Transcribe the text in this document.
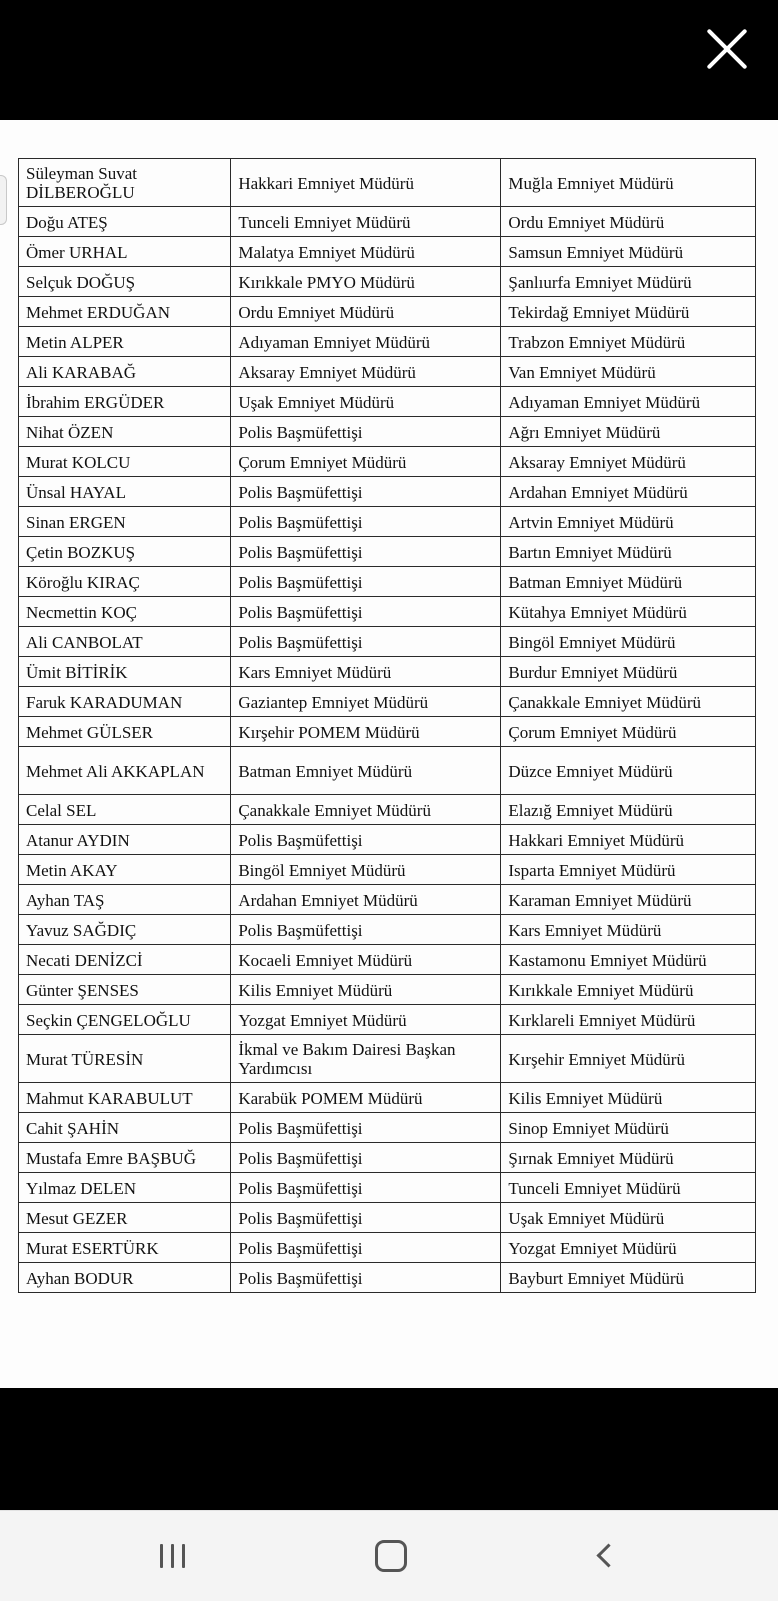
Süleyman Suvat DİLBEROĞLU	Hakkari Emniyet Müdürü	Muğla Emniyet Müdürü
Doğu ATEŞ	Tunceli Emniyet Müdürü	Ordu Emniyet Müdürü
Ömer URHAL	Malatya Emniyet Müdürü	Samsun Emniyet Müdürü
Selçuk DOĞUŞ	Kırıkkale PMYO Müdürü	Şanlıurfa Emniyet Müdürü
Mehmet ERDUĞAN	Ordu Emniyet Müdürü	Tekirdağ Emniyet Müdürü
Metin ALPER	Adıyaman Emniyet Müdürü	Trabzon Emniyet Müdürü
Ali KARABAĞ	Aksaray Emniyet Müdürü	Van Emniyet Müdürü
İbrahim ERGÜDER	Uşak Emniyet Müdürü	Adıyaman Emniyet Müdürü
Nihat ÖZEN	Polis Başmüfettişi	Ağrı Emniyet Müdürü
Murat KOLCU	Çorum Emniyet Müdürü	Aksaray Emniyet Müdürü
Ünsal HAYAL	Polis Başmüfettişi	Ardahan Emniyet Müdürü
Sinan ERGEN	Polis Başmüfettişi	Artvin Emniyet Müdürü
Çetin BOZKUŞ	Polis Başmüfettişi	Bartın Emniyet Müdürü
Köroğlu KIRAÇ	Polis Başmüfettişi	Batman Emniyet Müdürü
Necmettin KOÇ	Polis Başmüfettişi	Kütahya Emniyet Müdürü
Ali CANBOLAT	Polis Başmüfettişi	Bingöl Emniyet Müdürü
Ümit BİTİRİK	Kars Emniyet Müdürü	Burdur Emniyet Müdürü
Faruk KARADUMAN	Gaziantep Emniyet Müdürü	Çanakkale Emniyet Müdürü
Mehmet GÜLSER	Kırşehir POMEM Müdürü	Çorum Emniyet Müdürü
Mehmet Ali AKKAPLAN	Batman Emniyet Müdürü	Düzce Emniyet Müdürü
Celal SEL	Çanakkale Emniyet Müdürü	Elazığ Emniyet Müdürü
Atanur AYDIN	Polis Başmüfettişi	Hakkari Emniyet Müdürü
Metin AKAY	Bingöl Emniyet Müdürü	Isparta Emniyet Müdürü
Ayhan TAŞ	Ardahan Emniyet Müdürü	Karaman Emniyet Müdürü
Yavuz SAĞDIÇ	Polis Başmüfettişi	Kars Emniyet Müdürü
Necati DENİZCİ	Kocaeli Emniyet Müdürü	Kastamonu Emniyet Müdürü
Günter ŞENSES	Kilis Emniyet Müdürü	Kırıkkale Emniyet Müdürü
Seçkin ÇENGELOĞLU	Yozgat Emniyet Müdürü	Kırklareli Emniyet Müdürü
Murat TÜRESİN	İkmal ve Bakım Dairesi Başkan Yardımcısı	Kırşehir Emniyet Müdürü
Mahmut KARABULUT	Karabük POMEM Müdürü	Kilis Emniyet Müdürü
Cahit ŞAHİN	Polis Başmüfettişi	Sinop Emniyet Müdürü
Mustafa Emre BAŞBUĞ	Polis Başmüfettişi	Şırnak Emniyet Müdürü
Yılmaz DELEN	Polis Başmüfettişi	Tunceli Emniyet Müdürü
Mesut GEZER	Polis Başmüfettişi	Uşak Emniyet Müdürü
Murat ESERTÜRK	Polis Başmüfettişi	Yozgat Emniyet Müdürü
Ayhan BODUR	Polis Başmüfettişi	Bayburt Emniyet Müdürü
